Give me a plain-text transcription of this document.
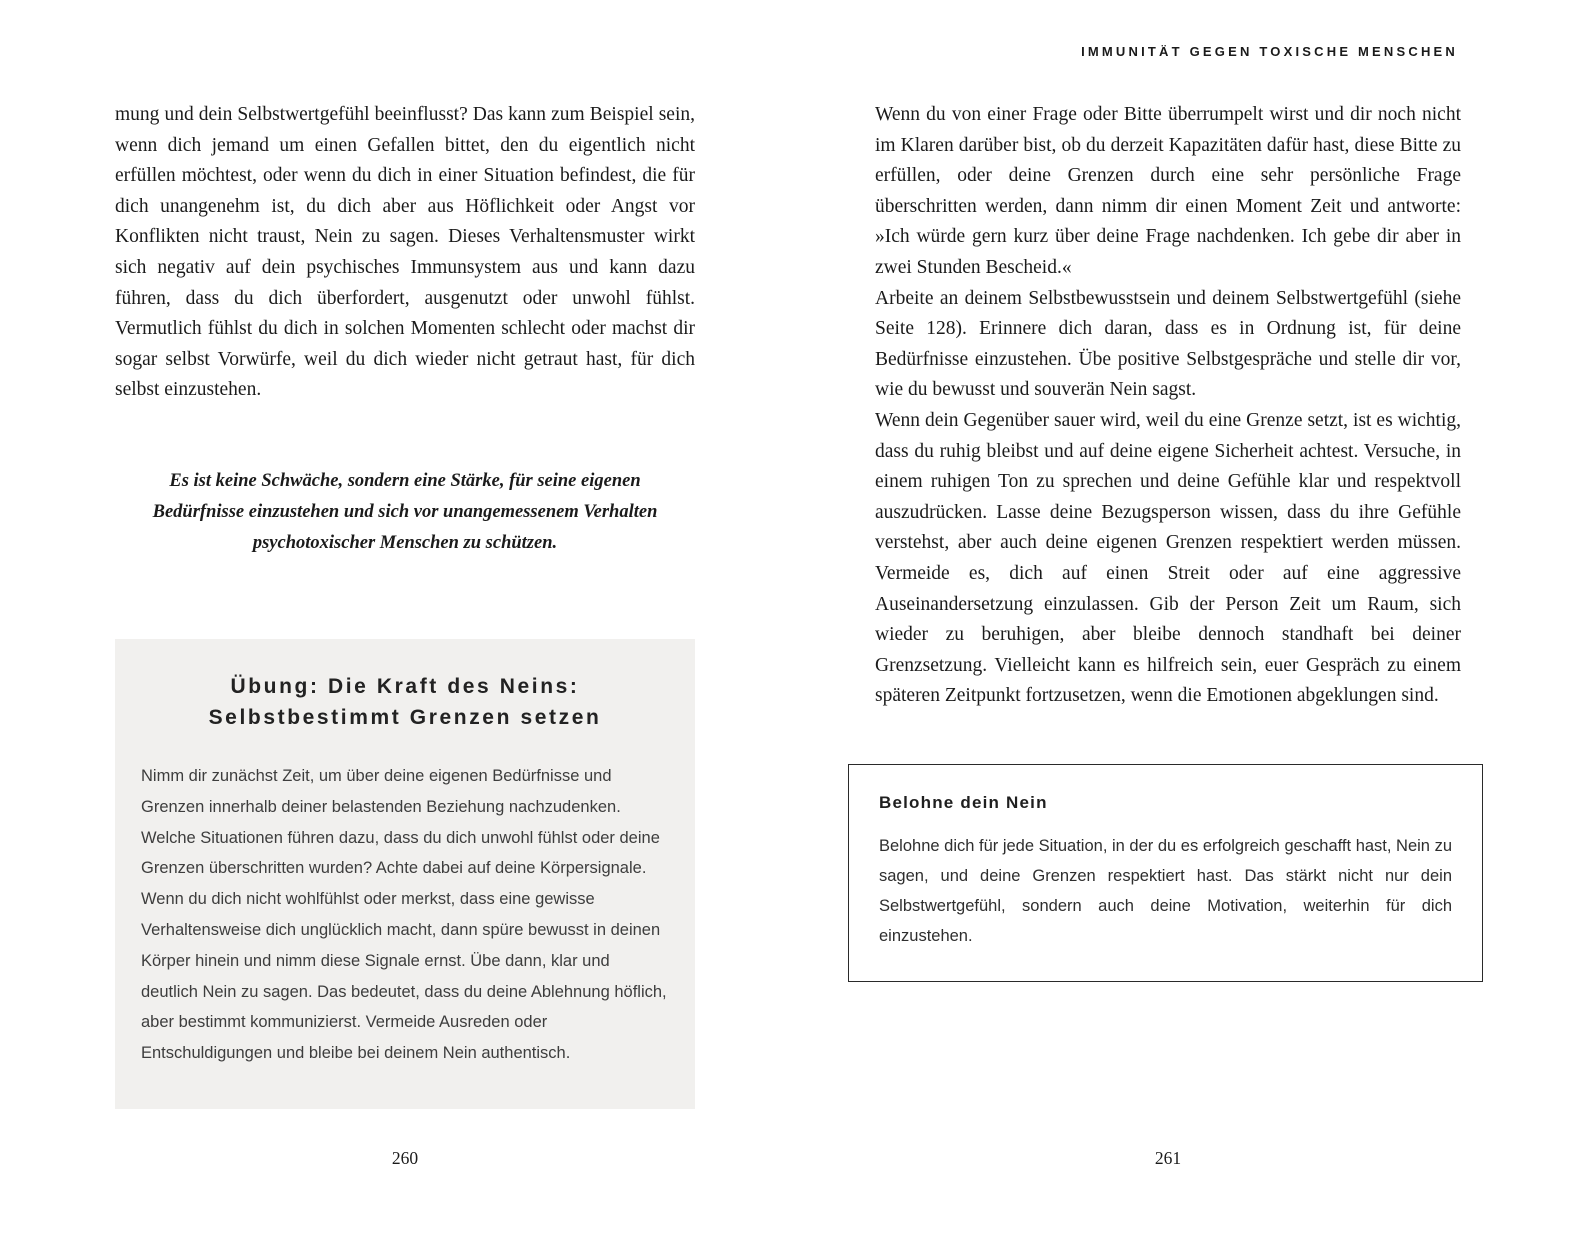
IMMUNITÄT GEGEN TOXISCHE MENSCHEN

mung und dein Selbstwertgefühl beeinflusst? Das kann zum Beispiel sein, wenn dich jemand um einen Gefallen bittet, den du eigentlich nicht erfüllen möchtest, oder wenn du dich in einer Situation befindest, die für dich unangenehm ist, du dich aber aus Höflichkeit oder Angst vor Konflikten nicht traust, Nein zu sagen. Dieses Verhaltensmuster wirkt sich negativ auf dein psychisches Immunsystem aus und kann dazu führen, dass du dich überfordert, ausgenutzt oder unwohl fühlst. Vermutlich fühlst du dich in solchen Momenten schlecht oder machst dir sogar selbst Vorwürfe, weil du dich wieder nicht getraut hast, für dich selbst einzustehen.

Es ist keine Schwäche, sondern eine Stärke, für seine eigenen Bedürfnisse einzustehen und sich vor unangemessenem Verhalten psychotoxischer Menschen zu schützen.
Übung: Die Kraft des Neins:
Selbstbestimmt Grenzen setzen
Nimm dir zunächst Zeit, um über deine eigenen Bedürfnisse und Grenzen innerhalb deiner belastenden Beziehung nachzudenken. Welche Situationen führen dazu, dass du dich unwohl fühlst oder deine Grenzen überschritten wurden? Achte dabei auf deine Körpersignale. Wenn du dich nicht wohlfühlst oder merkst, dass eine gewisse Verhaltensweise dich unglücklich macht, dann spüre bewusst in deinen Körper hinein und nimm diese Signale ernst. Übe dann, klar und deutlich Nein zu sagen. Das bedeutet, dass du deine Ablehnung höflich, aber bestimmt kommunizierst. Vermeide Ausreden oder Entschuldigungen und bleibe bei deinem Nein authentisch.

Wenn du von einer Frage oder Bitte überrumpelt wirst und dir noch nicht im Klaren darüber bist, ob du derzeit Kapazitäten dafür hast, diese Bitte zu erfüllen, oder deine Grenzen durch eine sehr persönliche Frage überschritten werden, dann nimm dir einen Moment Zeit und antworte: »Ich würde gern kurz über deine Frage nachdenken. Ich gebe dir aber in zwei Stunden Bescheid.«

Arbeite an deinem Selbstbewusstsein und deinem Selbstwertgefühl (siehe Seite 128). Erinnere dich daran, dass es in Ordnung ist, für deine Bedürfnisse einzustehen. Übe positive Selbstgespräche und stelle dir vor, wie du bewusst und souverän Nein sagst.

Wenn dein Gegenüber sauer wird, weil du eine Grenze setzt, ist es wichtig, dass du ruhig bleibst und auf deine eigene Sicherheit achtest. Versuche, in einem ruhigen Ton zu sprechen und deine Gefühle klar und respektvoll auszudrücken. Lasse deine Bezugsperson wissen, dass du ihre Gefühle verstehst, aber auch deine eigenen Grenzen respektiert werden müssen. Vermeide es, dich auf einen Streit oder auf eine aggressive Auseinandersetzung einzulassen. Gib der Person Zeit um Raum, sich wieder zu beruhigen, aber bleibe dennoch standhaft bei deiner Grenzsetzung. Vielleicht kann es hilfreich sein, euer Gespräch zu einem späteren Zeitpunkt fortzusetzen, wenn die Emotionen abgeklungen sind.

Belohne dein Nein
Belohne dich für jede Situation, in der du es erfolgreich geschafft hast, Nein zu sagen, und deine Grenzen respektiert hast. Das stärkt nicht nur dein Selbstwertgefühl, sondern auch deine Motivation, weiterhin für dich einzustehen.
260	261
